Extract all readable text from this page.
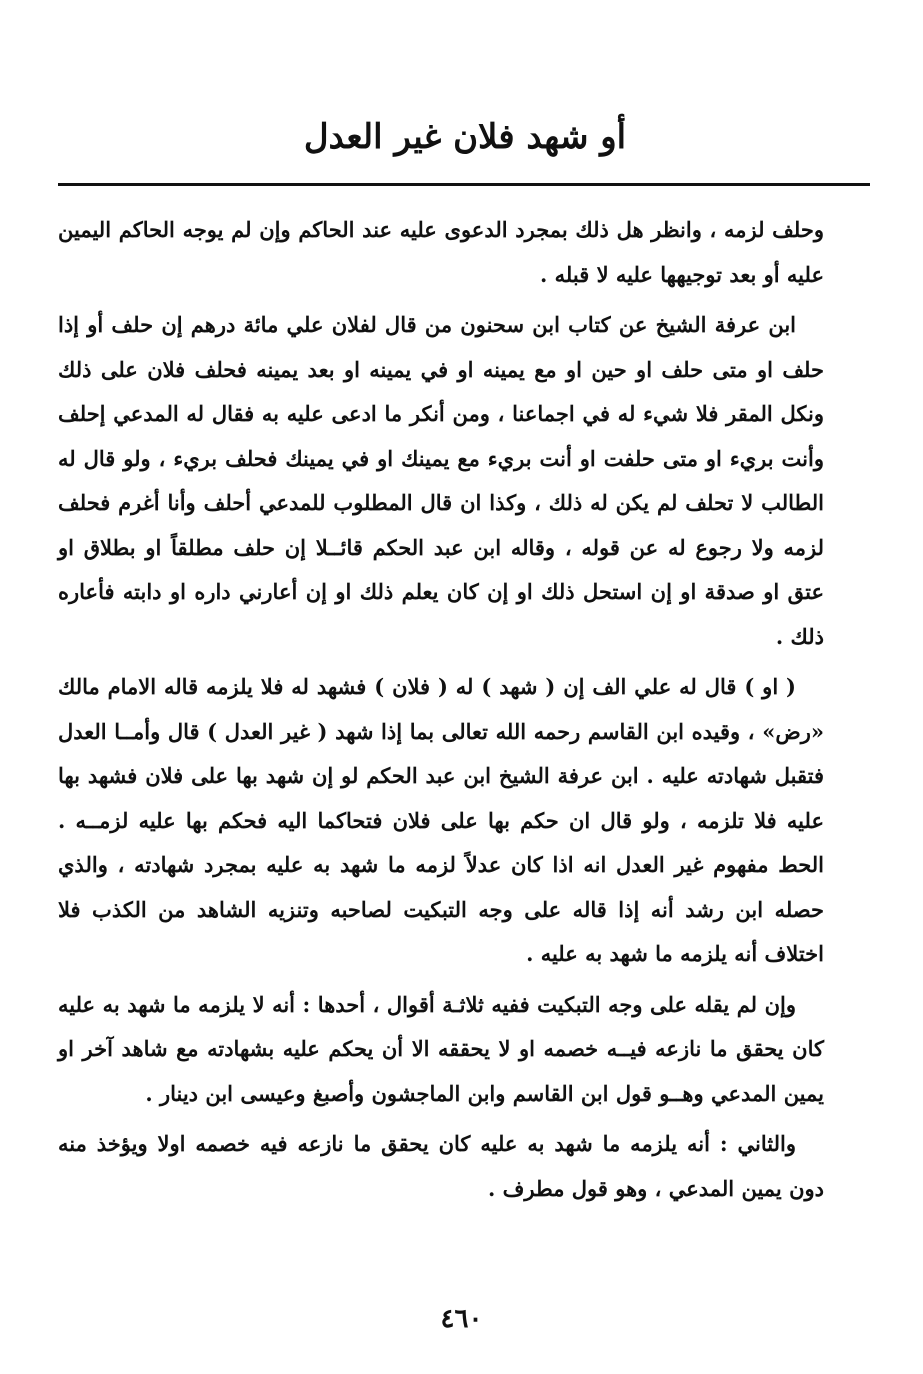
أو شهد فلان غير العدل

وحلف لزمه ، وانظر هل ذلك بمجرد الدعوى عليه عند الحاكم وإن لم يوجه الحاكم اليمين عليه أو بعد توجيهها عليه لا قبله .

ابن عرفة الشيخ عن كتاب ابن سحنون من قال لفلان علي مائة درهم إن حلف أو إذا حلف او متى حلف او حين او مع يمينه او في يمينه او بعد يمينه فحلف فلان على ذلك ونكل المقر فلا شيء له في اجماعنا ، ومن أنكر ما ادعى عليه به فقال له المدعي إحلف وأنت بريء او متى حلفت او أنت بريء مع يمينك او في يمينك فحلف بريء ، ولو قال له الطالب لا تحلف لم يكن له ذلك ، وكذا ان قال المطلوب للمدعي أحلف وأنا أغرم فحلف لزمه ولا رجوع له عن قوله ، وقاله ابن عبد الحكم قائــلا إن حلف مطلقاً او بطلاق او عتق او صدقة او إن استحل ذلك او إن كان يعلم ذلك او إن أعارني داره او دابته فأعاره ذلك .

( او ) قال له علي الف إن ( شهد ) له ( فلان ) فشهد له فلا يلزمه قاله الامام مالك «رض» ، وقيده ابن القاسم رحمه الله تعالى بما إذا شهد ( غير العدل ) قال وأمــا العدل فتقبل شهادته عليه . ابن عرفة الشيخ ابن عبد الحكم لو إن شهد بها على فلان فشهد بها عليه فلا تلزمه ، ولو قال ان حكم بها على فلان فتحاكما اليه فحكم بها عليه لزمــه . الحط مفهوم غير العدل انه اذا كان عدلاً لزمه ما شهد به عليه بمجرد شهادته ، والذي حصله ابن رشد أنه إذا قاله على وجه التبكيت لصاحبه وتنزيه الشاهد من الكذب فلا اختلاف أنه يلزمه ما شهد به عليه .

وإن لم يقله على وجه التبكيت ففيه ثلاثـة أقوال ، أحدها : أنه لا يلزمه ما شهد به عليه كان يحقق ما نازعه فيــه خصمه او لا يحققه الا أن يحكم عليه بشهادته مع شاهد آخر او يمين المدعي وهــو قول ابن القاسم وابن الماجشون وأصبغ وعيسى ابن دينار .

والثاني : أنه يلزمه ما شهد به عليه كان يحقق ما نازعه فيه خصمه اولا ويؤخذ منه دون يمين المدعي ، وهو قول مطرف .

٤٦٠
